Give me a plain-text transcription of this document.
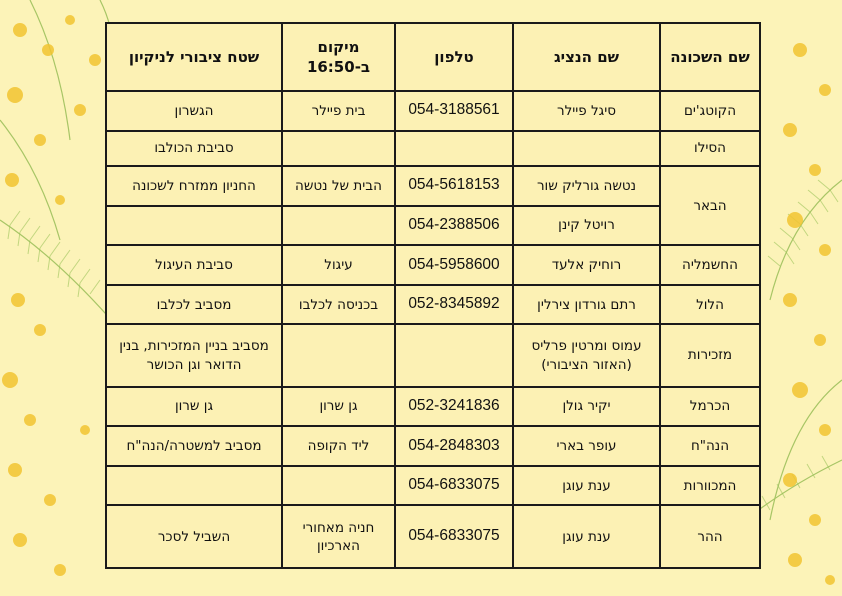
שם השכונה	שם הנציג	טלפון	מיקום ב-16:50	שטח ציבורי לניקיון
הקוטג'ים	סיגל פיילר	054-3188561	בית פיילר	הגשרון
הסילו				סביבת הכולבו
הבאר	נטשה גורליק שור	054-5618153	הבית של נטשה	החניון ממזרח לשכונה
	רויטל קינן	054-2388506		
החשמליה	רוחיק אלעד	054-5958600	עיגול	סביבת העיגול
הלול	רתם גורדון צירלין	052-8345892	בכניסה לכלבו	מסביב לכלבו
מזכירות	עמוס ומרטין פרליס (האזור הציבורי)			מסביב בניין המזכירות, בנין הדואר וגן הכושר
הכרמל	יקיר גולן	052-3241836	גן שרון	גן שרון
הנה"ח	עופר בארי	054-2848303	ליד הקופה	מסביב למשטרה/הנה"ח
המכוורות	ענת עוגן	054-6833075		
ההר	ענת עוגן	054-6833075	חניה מאחורי הארכיון	השביל לסכר
